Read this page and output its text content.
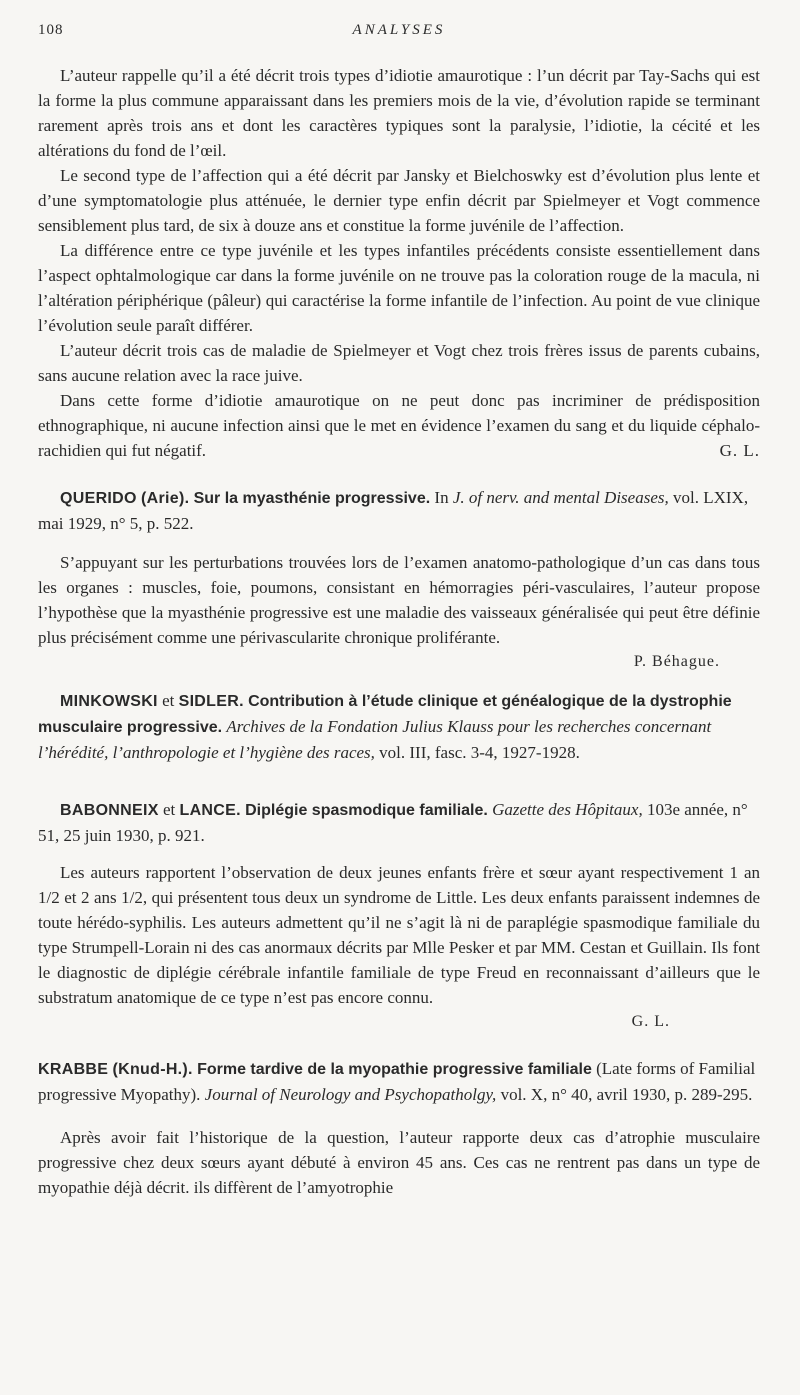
108	ANALYSES

L’auteur rappelle qu’il a été décrit trois types d’idiotie amaurotique : l’un décrit par Tay-Sachs qui est la forme la plus commune apparaissant dans les premiers mois de la vie, d’évolution rapide se terminant rarement après trois ans et dont les caractères typiques sont la paralysie, l’idiotie, la cécité et les altérations du fond de l’œil.

Le second type de l’affection qui a été décrit par Jansky et Bielchoswky est d’évolution plus lente et d’une symptomatologie plus atténuée, le dernier type enfin décrit par Spielmeyer et Vogt commence sensiblement plus tard, de six à douze ans et constitue la forme juvénile de l’affection.

La différence entre ce type juvénile et les types infantiles précédents consiste essentiellement dans l’aspect ophtalmologique car dans la forme juvénile on ne trouve pas la coloration rouge de la macula, ni l’altération périphérique (pâleur) qui caractérise la forme infantile de l’infection. Au point de vue clinique l’évolution seule paraît différer.

L’auteur décrit trois cas de maladie de Spielmeyer et Vogt chez trois frères issus de parents cubains, sans aucune relation avec la race juive.

Dans cette forme d’idiotie amaurotique on ne peut donc pas incriminer de prédisposition ethnographique, ni aucune infection ainsi que le met en évidence l’examen du sang et du liquide céphalo-rachidien qui fut négatif.	G. L.

QUERIDO (Arie). Sur la myasthénie progressive. In J. of nerv. and mental Diseases, vol. LXIX, mai 1929, n° 5, p. 522.

S’appuyant sur les perturbations trouvées lors de l’examen anatomo-pathologique d’un cas dans tous les organes : muscles, foie, poumons, consistant en hémorragies péri-vasculaires, l’auteur propose l’hypothèse que la myasthénie progressive est une maladie des vaisseaux généralisée qui peut être définie plus précisément comme une périvascularite chronique proliférante.

P. Béhague.

MINKOWSKI et SIDLER. Contribution à l’étude clinique et généalogique de la dystrophie musculaire progressive. Archives de la Fondation Julius Klauss pour les recherches concernant l’hérédité, l’anthropologie et l’hygiène des races, vol. III, fasc. 3-4, 1927-1928.

BABONNEIX et LANCE. Diplégie spasmodique familiale. Gazette des Hôpitaux, 103e année, n° 51, 25 juin 1930, p. 921.

Les auteurs rapportent l’observation de deux jeunes enfants frère et sœur ayant respectivement 1 an 1/2 et 2 ans 1/2, qui présentent tous deux un syndrome de Little. Les deux enfants paraissent indemnes de toute hérédo-syphilis. Les auteurs admettent qu’il ne s’agit là ni de paraplégie spasmodique familiale du type Strumpell-Lorain ni des cas anormaux décrits par Mlle Pesker et par MM. Cestan et Guillain. Ils font le diagnostic de diplégie cérébrale infantile familiale de type Freud en reconnaissant d’ailleurs que le substratum anatomique de ce type n’est pas encore connu.

G. L.

KRABBE (Knud-H.). Forme tardive de la myopathie progressive familiale (Late forms of Familial progressive Myopathy). Journal of Neurology and Psychopatholgy, vol. X, n° 40, avril 1930, p. 289-295.

Après avoir fait l’historique de la question, l’auteur rapporte deux cas d’atrophie musculaire progressive chez deux sœurs ayant débuté à environ 45 ans. Ces cas ne rentrent pas dans un type de myopathie déjà décrit. ils diffèrent de l’amyotrophie
